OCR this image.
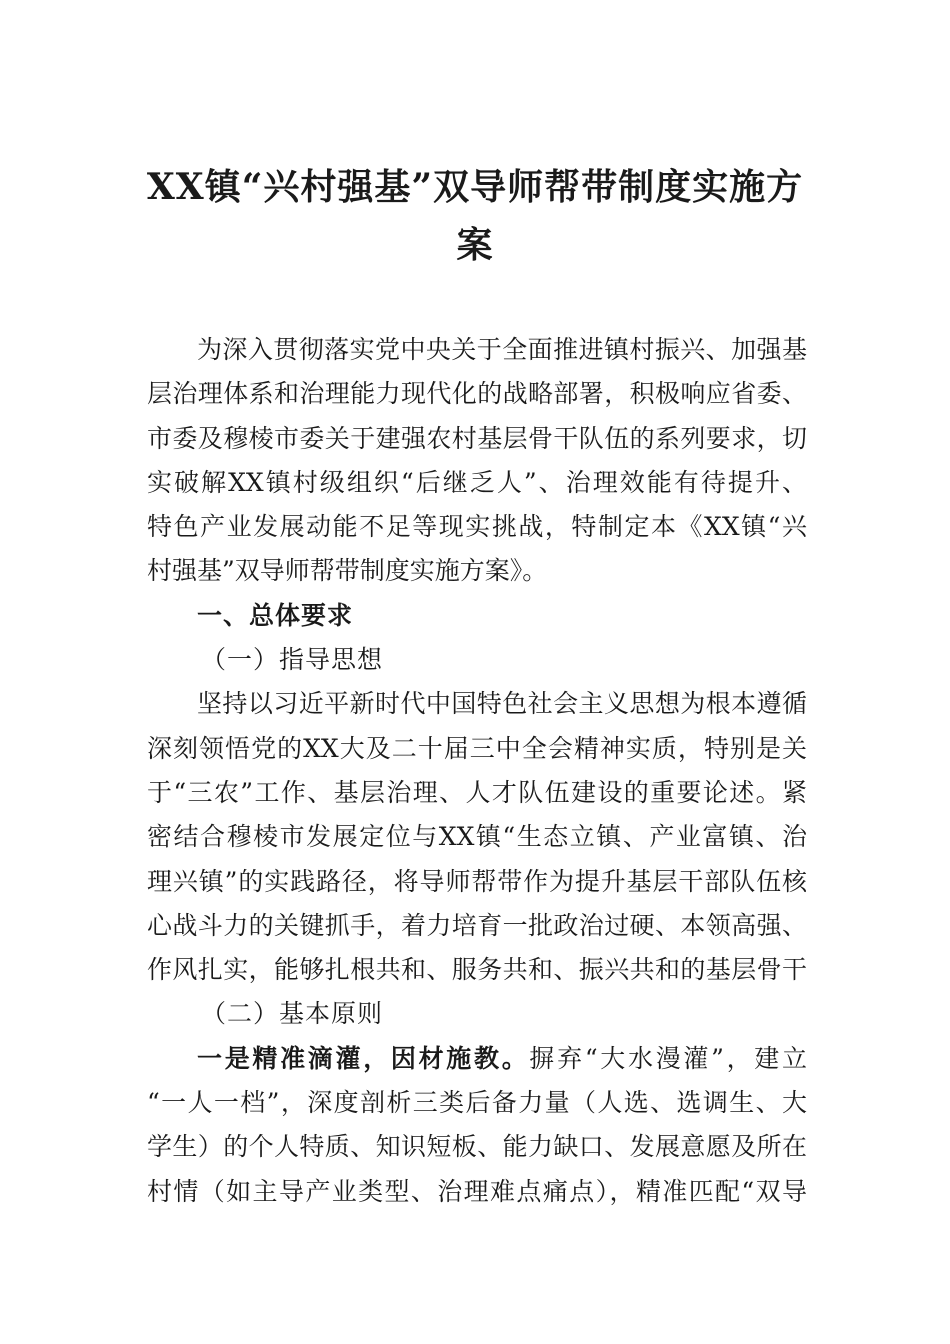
XX镇“兴村强基”双导师帮带制度实施方
案
为深入贯彻落实党中央关于全面推进镇村振兴、加强基
层治理体系和治理能力现代化的战略部署，积极响应省委、
市委及穆棱市委关于建强农村基层骨干队伍的系列要求，切
实破解XX镇村级组织“后继乏人”、治理效能有待提升、
特色产业发展动能不足等现实挑战，特制定本《XX镇“兴
村强基”双导师帮带制度实施方案》。
一、总体要求
（一）指导思想
坚持以习近平新时代中国特色社会主义思想为根本遵循
深刻领悟党的XX大及二十届三中全会精神实质，特别是关
于“三农”工作、基层治理、人才队伍建设的重要论述。紧
密结合穆棱市发展定位与XX镇“生态立镇、产业富镇、治
理兴镇”的实践路径，将导师帮带作为提升基层干部队伍核
心战斗力的关键抓手，着力培育一批政治过硬、本领高强、
作风扎实，能够扎根共和、服务共和、振兴共和的基层骨干
（二）基本原则
一是精准滴灌，因材施教。摒弃“大水漫灌”，建立
“一人一档”，深度剖析三类后备力量（人选、选调生、大
学生）的个人特质、知识短板、能力缺口、发展意愿及所在
村情（如主导产业类型、治理难点痛点），精准匹配“双导
